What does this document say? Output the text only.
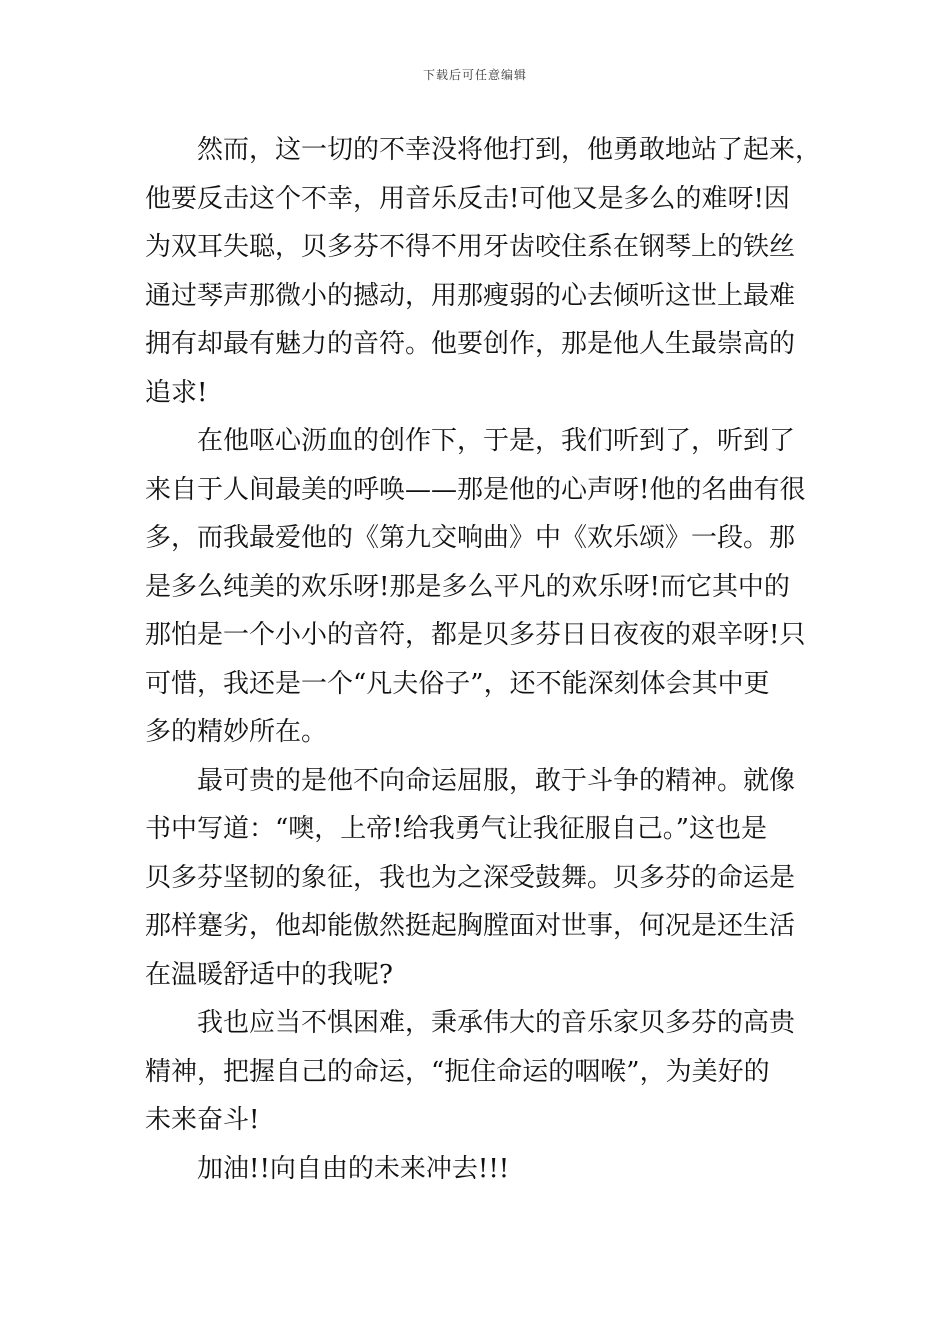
下载后可任意编辑
然而，这一切的不幸没将他打到，他勇敢地站了起来，
他要反击这个不幸，用音乐反击!可他又是多么的难呀!因
为双耳失聪，贝多芬不得不用牙齿咬住系在钢琴上的铁丝
通过琴声那微小的撼动，用那瘦弱的心去倾听这世上最难
拥有却最有魅力的音符。他要创作，那是他人生最崇高的
追求!
在他呕心沥血的创作下，于是，我们听到了，听到了
来自于人间最美的呼唤——那是他的心声呀!他的名曲有很
多，而我最爱他的《第九交响曲》中《欢乐颂》一段。那
是多么纯美的欢乐呀!那是多么平凡的欢乐呀!而它其中的
那怕是一个小小的音符，都是贝多芬日日夜夜的艰辛呀!只
可惜，我还是一个“凡夫俗子”，还不能深刻体会其中更
多的精妙所在。
最可贵的是他不向命运屈服，敢于斗争的精神。就像
书中写道：“噢，上帝!给我勇气让我征服自己。”这也是
贝多芬坚韧的象征，我也为之深受鼓舞。贝多芬的命运是
那样蹇劣，他却能傲然挺起胸膛面对世事，何况是还生活
在温暖舒适中的我呢?
我也应当不惧困难，秉承伟大的音乐家贝多芬的高贵
精神，把握自己的命运，“扼住命运的咽喉”，为美好的
未来奋斗!
加油!!向自由的未来冲去!!!
